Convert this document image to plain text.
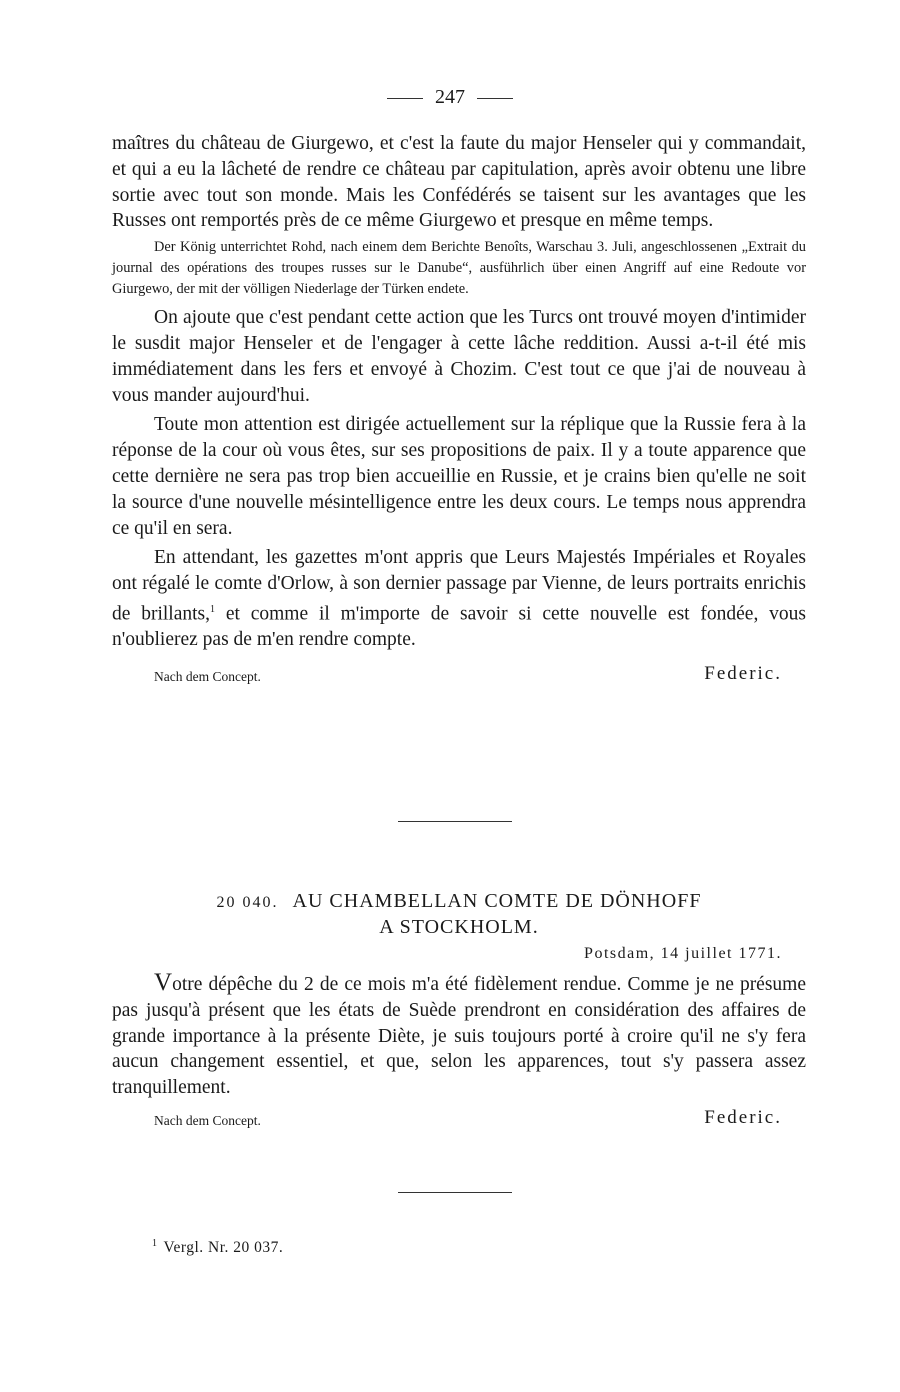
247

maîtres du château de Giurgewo, et c'est la faute du major Henseler qui y commandait, et qui a eu la lâcheté de rendre ce château par capitulation, après avoir obtenu une libre sortie avec tout son monde. Mais les Confédérés se taisent sur les avantages que les Russes ont remportés près de ce même Giurgewo et presque en même temps.

Der König unterrichtet Rohd, nach einem dem Berichte Benoîts, Warschau 3. Juli, angeschlossenen „Extrait du journal des opérations des troupes russes sur le Danube“, ausführlich über einen Angriff auf eine Redoute vor Giurgewo, der mit der völligen Niederlage der Türken endete.

On ajoute que c'est pendant cette action que les Turcs ont trouvé moyen d'intimider le susdit major Henseler et de l'engager à cette lâche reddition. Aussi a-t-il été mis immédiatement dans les fers et envoyé à Chozim. C'est tout ce que j'ai de nouveau à vous mander aujourd'hui.

Toute mon attention est dirigée actuellement sur la réplique que la Russie fera à la réponse de la cour où vous êtes, sur ses propositions de paix. Il y a toute apparence que cette dernière ne sera pas trop bien accueillie en Russie, et je crains bien qu'elle ne soit la source d'une nouvelle mésintelligence entre les deux cours. Le temps nous apprendra ce qu'il en sera.

En attendant, les gazettes m'ont appris que Leurs Majestés Impériales et Royales ont régalé le comte d'Orlow, à son dernier passage par Vienne, de leurs portraits enrichis de brillants,$^1$ et comme il m'importe de savoir si cette nouvelle est fondée, vous n'oublierez pas de m'en rendre compte.

Nach dem Concept.	Federic.
20 040. AU CHAMBELLAN COMTE DE DÖNHOFF
A STOCKHOLM.
Potsdam, 14 juillet 1771.

Votre dépêche du 2 de ce mois m'a été fidèlement rendue. Comme je ne présume pas jusqu'à présent que les états de Suède prendront en considération des affaires de grande importance à la présente Diète, je suis toujours porté à croire qu'il ne s'y fera aucun changement essentiel, et que, selon les apparences, tout s'y passera assez tranquillement.

Nach dem Concept.	Federic.
$^1$ Vergl. Nr. 20 037.
